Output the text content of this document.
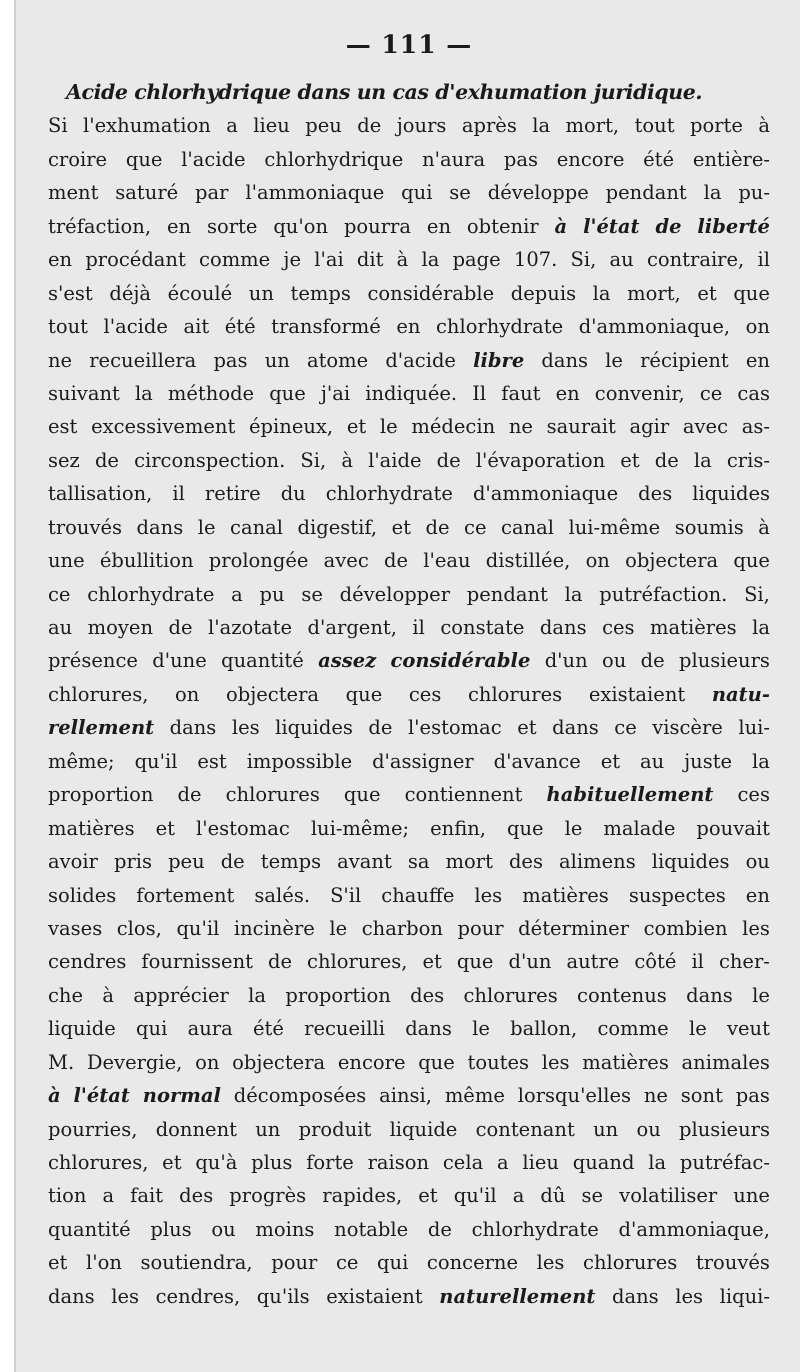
— 111 —
Acide chlorhydrique dans un cas d'exhumation juridique.
Si l'exhumation a lieu peu de jours après la mort, tout porte à
croire que l'acide chlorhydrique n'aura pas encore été entière-
ment saturé par l'ammoniaque qui se développe pendant la pu-
tréfaction, en sorte qu'on pourra en obtenir à l'état de liberté
en procédant comme je l'ai dit à la page 107. Si, au contraire, il
s'est déjà écoulé un temps considérable depuis la mort, et que
tout l'acide ait été transformé en chlorhydrate d'ammoniaque, on
ne recueillera pas un atome d'acide libre dans le récipient en
suivant la méthode que j'ai indiquée. Il faut en convenir, ce cas
est excessivement épineux, et le médecin ne saurait agir avec as-
sez de circonspection. Si, à l'aide de l'évaporation et de la cris-
tallisation, il retire du chlorhydrate d'ammoniaque des liquides
trouvés dans le canal digestif, et de ce canal lui-même soumis à
une ébullition prolongée avec de l'eau distillée, on objectera que
ce chlorhydrate a pu se développer pendant la putréfaction. Si,
au moyen de l'azotate d'argent, il constate dans ces matières la
présence d'une quantité assez considérable d'un ou de plusieurs
chlorures, on objectera que ces chlorures existaient natu-
rellement dans les liquides de l'estomac et dans ce viscère lui-
même; qu'il est impossible d'assigner d'avance et au juste la
proportion de chlorures que contiennent habituellement ces
matières et l'estomac lui-même; enfin, que le malade pouvait
avoir pris peu de temps avant sa mort des alimens liquides ou
solides fortement salés. S'il chauffe les matières suspectes en
vases clos, qu'il incinère le charbon pour déterminer combien les
cendres fournissent de chlorures, et que d'un autre côté il cher-
che à apprécier la proportion des chlorures contenus dans le
liquide qui aura été recueilli dans le ballon, comme le veut
M. Devergie, on objectera encore que toutes les matières animales
à l'état normal décomposées ainsi, même lorsqu'elles ne sont pas
pourries, donnent un produit liquide contenant un ou plusieurs
chlorures, et qu'à plus forte raison cela a lieu quand la putréfac-
tion a fait des progrès rapides, et qu'il a dû se volatiliser une
quantité plus ou moins notable de chlorhydrate d'ammoniaque,
et l'on soutiendra, pour ce qui concerne les chlorures trouvés
dans les cendres, qu'ils existaient naturellement dans les liqui-
